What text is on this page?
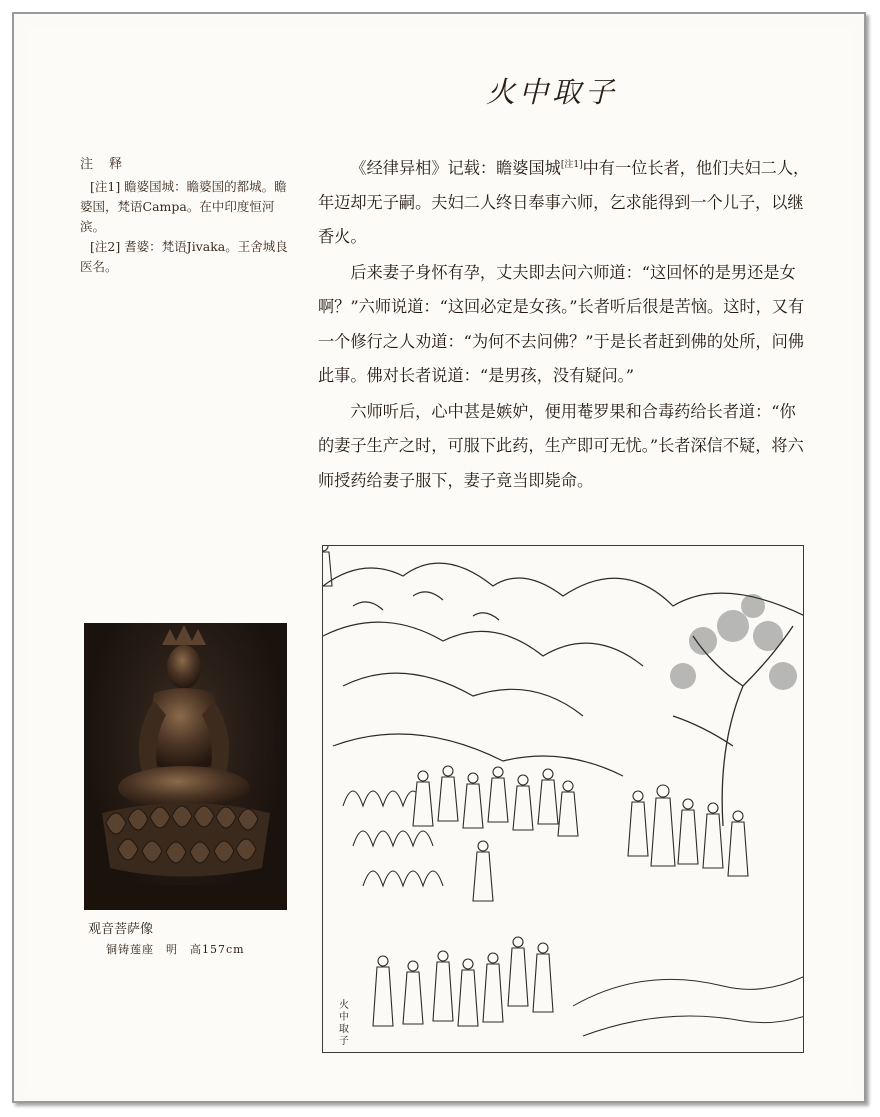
火中取子
注 释
[注1] 瞻婆国城：瞻婆国的都城。瞻婆国，梵语Campa。在中印度恒河滨。
[注2] 耆婆：梵语Jivaka。王舍城良医名。

《经律异相》记载：瞻婆国城[注1]中有一位长者，他们夫妇二人，年迈却无子嗣。夫妇二人终日奉事六师，乞求能得到一个儿子，以继香火。

后来妻子身怀有孕，丈夫即去问六师道：“这回怀的是男还是女啊？”六师说道：“这回必定是女孩。”长者听后很是苦恼。这时，又有一个修行之人劝道：“为何不去问佛？”于是长者赶到佛的处所，问佛此事。佛对长者说道：“是男孩，没有疑问。”

六师听后，心中甚是嫉妒，便用菴罗果和合毒药给长者道：“你的妻子生产之时，可服下此药，生产即可无忧。”长者深信不疑，将六师授药给妻子服下，妻子竟当即毙命。

观音菩萨像
铜铸莲座　明　高157cm
火中取子
